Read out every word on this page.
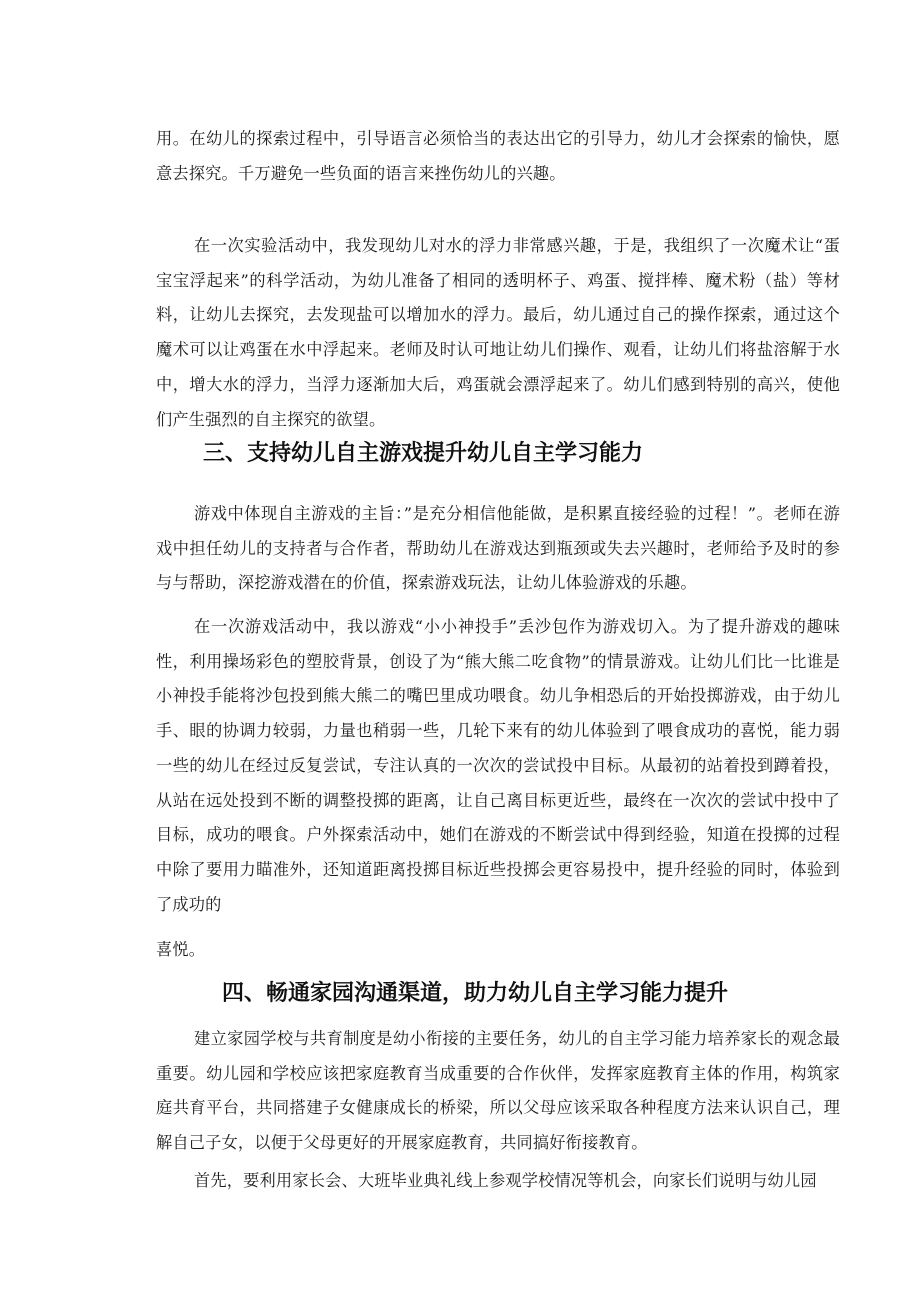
用。在幼儿的探索过程中，引导语言必须恰当的表达出它的引导力，幼儿才会探索的愉快，愿意去探究。千万避免一些负面的语言来挫伤幼儿的兴趣。

在一次实验活动中，我发现幼儿对水的浮力非常感兴趣，于是，我组织了一次魔术让“蛋宝宝浮起来”的科学活动，为幼儿准备了相同的透明杯子、鸡蛋、搅拌棒、魔术粉（盐）等材料，让幼儿去探究，去发现盐可以增加水的浮力。最后，幼儿通过自己的操作探索，通过这个魔术可以让鸡蛋在水中浮起来。老师及时认可地让幼儿们操作、观看，让幼儿们将盐溶解于水中，增大水的浮力，当浮力逐渐加大后，鸡蛋就会漂浮起来了。幼儿们感到特别的高兴，使他们产生强烈的自主探究的欲望。

三、支持幼儿自主游戏提升幼儿自主学习能力

游戏中体现自主游戏的主旨：”是充分相信他能做，是积累直接经验的过程！”。老师在游戏中担任幼儿的支持者与合作者，帮助幼儿在游戏达到瓶颈或失去兴趣时，老师给予及时的参与与帮助，深挖游戏潜在的价值，探索游戏玩法，让幼儿体验游戏的乐趣。

在一次游戏活动中，我以游戏“小小神投手”丢沙包作为游戏切入。为了提升游戏的趣味性，利用操场彩色的塑胶背景，创设了为“熊大熊二吃食物”的情景游戏。让幼儿们比一比谁是小神投手能将沙包投到熊大熊二的嘴巴里成功喂食。幼儿争相恐后的开始投掷游戏，由于幼儿手、眼的协调力较弱，力量也稍弱一些，几轮下来有的幼儿体验到了喂食成功的喜悦，能力弱一些的幼儿在经过反复尝试，专注认真的一次次的尝试投中目标。从最初的站着投到蹲着投，从站在远处投到不断的调整投掷的距离，让自己离目标更近些，最终在一次次的尝试中投中了目标，成功的喂食。户外探索活动中，她们在游戏的不断尝试中得到经验，知道在投掷的过程中除了要用力瞄准外，还知道距离投掷目标近些投掷会更容易投中，提升经验的同时，体验到了成功的

喜悦。

四、畅通家园沟通渠道，助力幼儿自主学习能力提升

建立家园学校与共育制度是幼小衔接的主要任务，幼儿的自主学习能力培养家长的观念最重要。幼儿园和学校应该把家庭教育当成重要的合作伙伴，发挥家庭教育主体的作用，构筑家庭共育平台，共同搭建子女健康成长的桥梁，所以父母应该采取各种程度方法来认识自己，理解自己子女，以便于父母更好的开展家庭教育，共同搞好衔接教育。

首先，要利用家长会、大班毕业典礼线上参观学校情况等机会，向家长们说明与幼儿园
